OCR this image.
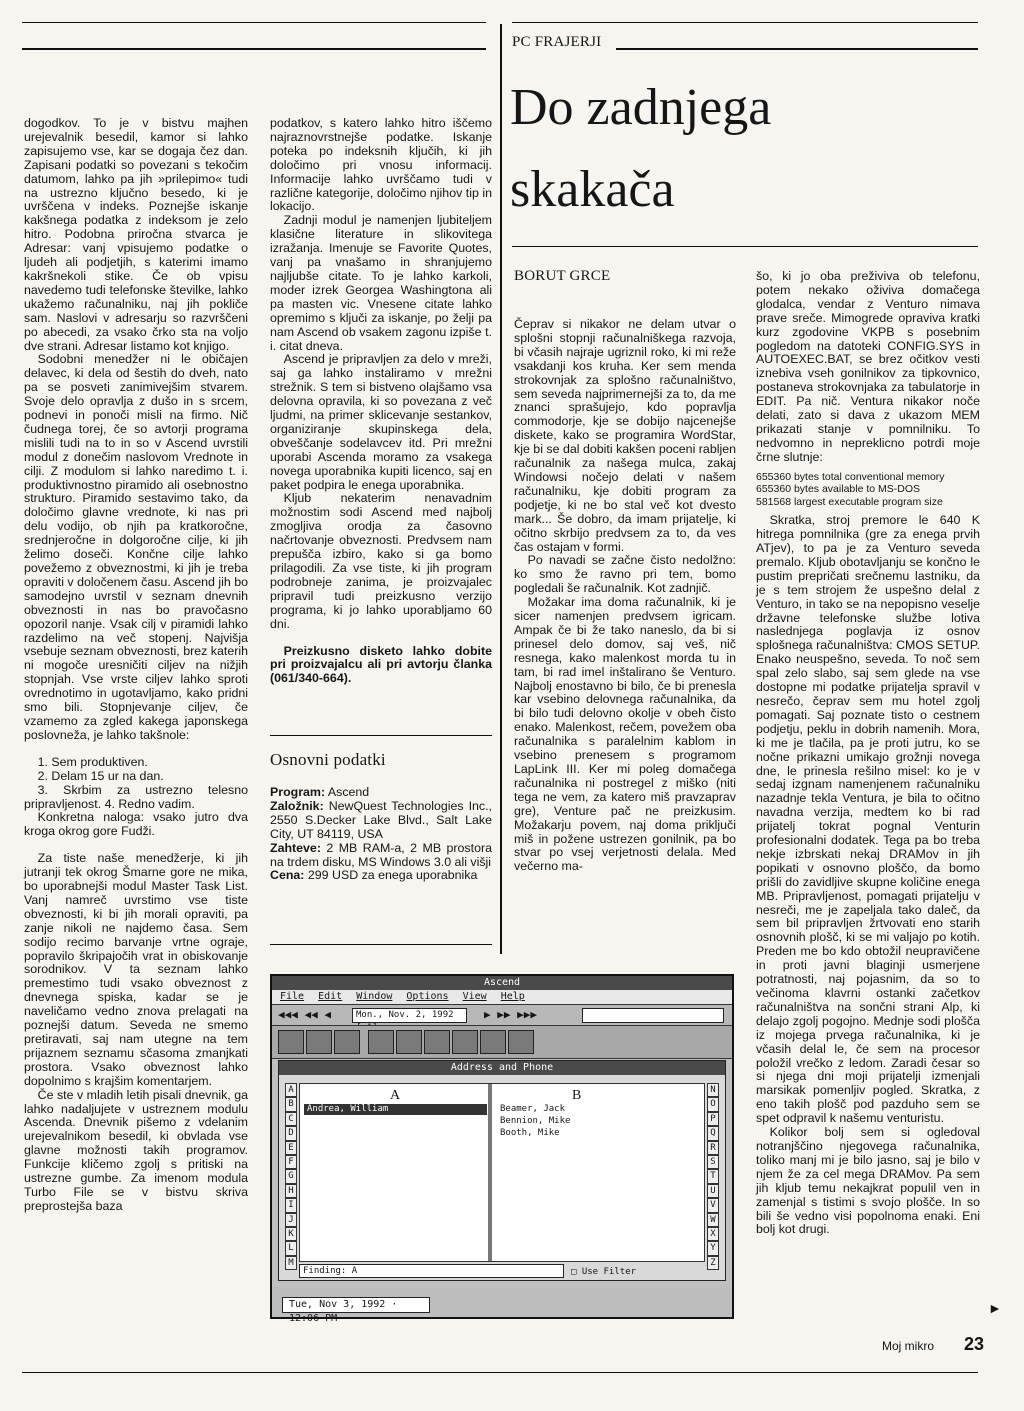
PC FRAJERJI
Do zadnjega
skakača
BORUT GRCE

dogodkov. To je v bistvu majhen urejevalnik besedil, kamor si lahko zapisujemo vse, kar se dogaja čez dan. Zapisani podatki so povezani s tekočim datumom, lahko pa jih »prilepimo« tudi na ustrezno ključno besedo, ki je uvrščena v indeks. Poznejše iskanje kakšnega podatka z indeksom je zelo hitro. Podobna priročna stvarca je Adresar: vanj vpisujemo podatke o ljudeh ali podjetjih, s katerimi imamo kakršnekoli stike. Če ob vpisu navedemo tudi telefonske številke, lahko ukažemo računalniku, naj jih pokliče sam. Naslovi v adresarju so razvrščeni po abecedi, za vsako črko sta na voljo dve strani. Adresar listamo kot knjigo.

Sodobni menedžer ni le običajen delavec, ki dela od šestih do dveh, nato pa se posveti zanimivejšim stvarem. Svoje delo opravlja z dušo in s srcem, podnevi in ponoči misli na firmo. Nič čudnega torej, če so avtorji programa mislili tudi na to in so v Ascend uvrstili modul z donečim naslovom Vrednote in cilji. Z modulom si lahko naredimo t. i. produktivnostno piramido ali osebnostno strukturo. Piramido sestavimo tako, da določimo glavne vrednote, ki nas pri delu vodijo, ob njih pa kratkoročne, srednjeročne in dolgoročne cilje, ki jih želimo doseči. Končne cilje lahko povežemo z obveznostmi, ki jih je treba opraviti v določenem času. Ascend jih bo samodejno uvrstil v seznam dnevnih obveznosti in nas bo pravočasno opozoril nanje. Vsak cilj v piramidi lahko razdelimo na več stopenj. Najvišja vsebuje seznam obveznosti, brez katerih ni mogoče uresničiti ciljev na nižjih stopnjah. Vse vrste ciljev lahko sproti ovrednotimo in ugotavljamo, kako pridni smo bili. Stopnjevanje ciljev, če vzamemo za zgled kakega japonskega poslovneža, je lahko takšnole:

1. Sem produktiven.

2. Delam 15 ur na dan.

3. Skrbim za ustrezno telesno pripravljenost. 4. Redno vadim.

Konkretna naloga: vsako jutro dva kroga okrog gore Fudži.

Za tiste naše menedžerje, ki jih jutranji tek okrog Šmarne gore ne mika, bo uporabnejši modul Master Task List. Vanj namreč uvrstimo vse tiste obveznosti, ki bi jih morali opraviti, pa zanje nikoli ne najdemo časa. Sem sodijo recimo barvanje vrtne ograje, popravilo škripajočih vrat in obiskovanje sorodnikov. V ta seznam lahko premestimo tudi vsako obveznost z dnevnega spiska, kadar se je naveličamo vedno znova prelagati na poznejši datum. Seveda ne smemo pretiravati, saj nam utegne na tem prijaznem seznamu sčasoma zmanjkati prostora. Vsako obveznost lahko dopolnimo s krajšim komentarjem.

Če ste v mladih letih pisali dnevnik, ga lahko nadaljujete v ustreznem modulu Ascenda. Dnevnik pišemo z vdelanim urejevalnikom besedil, ki obvlada vse glavne možnosti takih programov. Funkcije kličemo zgolj s pritiski na ustrezne gumbe. Za imenom modula Turbo File se v bistvu skriva preprostejša baza

podatkov, s katero lahko hitro iščemo najraznovrstnejše podatke. Iskanje poteka po indeksnih ključih, ki jih določimo pri vnosu informacij. Informacije lahko uvrščamo tudi v različne kategorije, določimo njihov tip in lokacijo.

Zadnji modul je namenjen ljubiteljem klasične literature in slikovitega izražanja. Imenuje se Favorite Quotes, vanj pa vnašamo in shranjujemo najljubše citate. To je lahko karkoli, moder izrek Georgea Washingtona ali pa masten vic. Vnesene citate lahko opremimo s ključi za iskanje, po želji pa nam Ascend ob vsakem zagonu izpiše t. i. citat dneva.

Ascend je pripravljen za delo v mreži, saj ga lahko instaliramo v mrežni strežnik. S tem si bistveno olajšamo vsa delovna opravila, ki so povezana z več ljudmi, na primer sklicevanje sestankov, organiziranje skupinskega dela, obveščanje sodelavcev itd. Pri mrežni uporabi Ascenda moramo za vsakega novega uporabnika kupiti licenco, saj en paket podpira le enega uporabnika.

Kljub nekaterim nenavadnim možnostim sodi Ascend med najbolj zmogljiva orodja za časovno načrtovanje obveznosti. Predvsem nam prepušča izbiro, kako si ga bomo prilagodili. Za vse tiste, ki jih program podrobneje zanima, je proizvajalec pripravil tudi preizkusno verzijo programa, ki jo lahko uporabljamo 60 dni.

Preizkusno disketo lahko dobite pri proizvajalcu ali pri avtorju članka (061/340-664).

Osnovni podatki

Program: Ascend

Založnik: NewQuest Technologies Inc., 2550 S.Decker Lake Blvd., Salt Lake City, UT 84119, USA

Zahteve: 2 MB RAM-a, 2 MB prostora na trdem disku, MS Windows 3.0 ali višji

Cena: 299 USD za enega uporabnika

Čeprav si nikakor ne delam utvar o splošni stopnji računalniškega razvoja, bi včasih najraje ugriznil roko, ki mi reže vsakdanji kos kruha. Ker sem menda strokovnjak za splošno računalništvo, sem seveda najprimernejši za to, da me znanci sprašujejo, kdo popravlja commodorje, kje se dobijo najcenejše diskete, kako se programira WordStar, kje bi se dal dobiti kakšen poceni rabljen računalnik za našega mulca, zakaj Windowsi nočejo delati v našem računalniku, kje dobiti program za podjetje, ki ne bo stal več kot dvesto mark... Še dobro, da imam prijatelje, ki očitno skrbijo predvsem za to, da ves čas ostajam v formi.

Po navadi se začne čisto nedolžno: ko smo že ravno pri tem, bomo pogledali še računalnik. Kot zadnjič.

Možakar ima doma računalnik, ki je sicer namenjen predvsem igricam. Ampak če bi že tako naneslo, da bi si prinesel delo domov, saj veš, nič resnega, kako malenkost morda tu in tam, bi rad imel inštalirano še Venturo. Najbolj enostavno bi bilo, če bi prenesla kar vsebino delovnega računalnika, da bi bilo tudi delovno okolje v obeh čisto enako. Malenkost, rečem, povežem oba računalnika s paralelnim kablom in vsebino prenesem s programom LapLink III. Ker mi poleg domačega računalnika ni postregel z miško (niti tega ne vem, za katero miš pravzaprav gre), Venture pač ne preizkusim. Možakarju povem, naj doma priključi miš in požene ustrezen gonilnik, pa bo stvar po vsej verjetnosti delala. Med večerno ma-

šo, ki jo oba preživiva ob telefonu, potem nekako oživiva domačega glodalca, vendar z Venturo nimava prave sreče. Mimogrede opraviva kratki kurz zgodovine VKPB s posebnim pogledom na datoteki CONFIG.SYS in AUTOEXEC.BAT, se brez očitkov vesti iznebiva vseh gonilnikov za tipkovnico, postaneva strokovnjaka za tabulatorje in EDIT. Pa nič. Ventura nikakor noče delati, zato si dava z ukazom MEM prikazati stanje v pomnilniku. To nedvomno in nepreklicno potrdi moje črne slutnje:

655360 bytes total conventional memory
655360 bytes available to MS-DOS
581568 largest executable program size

Skratka, stroj premore le 640 K hitrega pomnilnika (gre za enega prvih ATjev), to pa je za Venturo seveda premalo. Kljub obotavljanju se končno le pustim prepričati srečnemu lastniku, da je s tem strojem že uspešno delal z Venturo, in tako se na nepopisno veselje državne telefonske službe lotiva naslednjega poglavja iz osnov splošnega računalništva: CMOS SETUP. Enako neuspešno, seveda. To noč sem spal zelo slabo, saj sem glede na vse dostopne mi podatke prijatelja spravil v nesrečo, čeprav sem mu hotel zgolj pomagati. Saj poznate tisto o cestnem podjetju, peklu in dobrih namenih. Mora, ki me je tlačila, pa je proti jutru, ko se nočne prikazni umikajo grožnji novega dne, le prinesla rešilno misel: ko je v sedaj izgnam namenjenem računalniku nazadnje tekla Ventura, je bila to očitno navadna verzija, medtem ko bi rad prijatelj tokrat pognal Venturin profesionalni dodatek. Tega pa bo treba nekje izbrskati nekaj DRAMov in jih popikati v osnovno ploščo, da bomo prišli do zavidljive skupne količine enega MB. Pripravljenost, pomagati prijatelju v nesreči, me je zapeljala tako daleč, da sem bil pripravljen žrtvovati eno starih osnovnih plošč, ki se mi valjajo po kotih. Preden me bo kdo obtožil neupravičene in proti javni blaginji usmerjene potratnosti, naj pojasnim, da so to večinoma klavrni ostanki začetkov računalništva na sončni strani Alp, ki delajo zgolj pogojno. Mednje sodi plošča iz mojega prvega računalnika, ki je včasih delal le, če sem na procesor položil vrečko z ledom. Zaradi česar so si njega dni moji prijatelji izmenjali marsikak pomenljiv pogled. Skratka, z eno takih plošč pod pazduho sem se spet odpravil k našemu venturistu.

Kolikor bolj sem si ogledoval notranjščino njegovega računalnika, toliko manj mi je bilo jasno, saj je bilo v njem že za cel mega DRAMov. Pa sem jih kljub temu nekajkrat populil ven in zamenjal s tistimi s svojo plošče. In so bili še vedno visi popolnoma enaki. Eni bolj kot drugi.

►
Ascend
File Edit Window Options View Help
◀◀◀ ◀◀ ◀	Mon., Nov. 2, 1992	▶ ▶▶ ▶▶▶
Address and Phone
A
B
C
D
E
F
G
H
I
J
K
L
M
A	B
Andrea, William	Beamer, Jack
Bennion, Mike
Booth, Mike
N
O
P
Q
R
S
T
U
V
W
X
Y
Z
Finding: A	□ Use Filter
Tue, Nov 3, 1992 · 12:06 PM
Moj mikro 23
